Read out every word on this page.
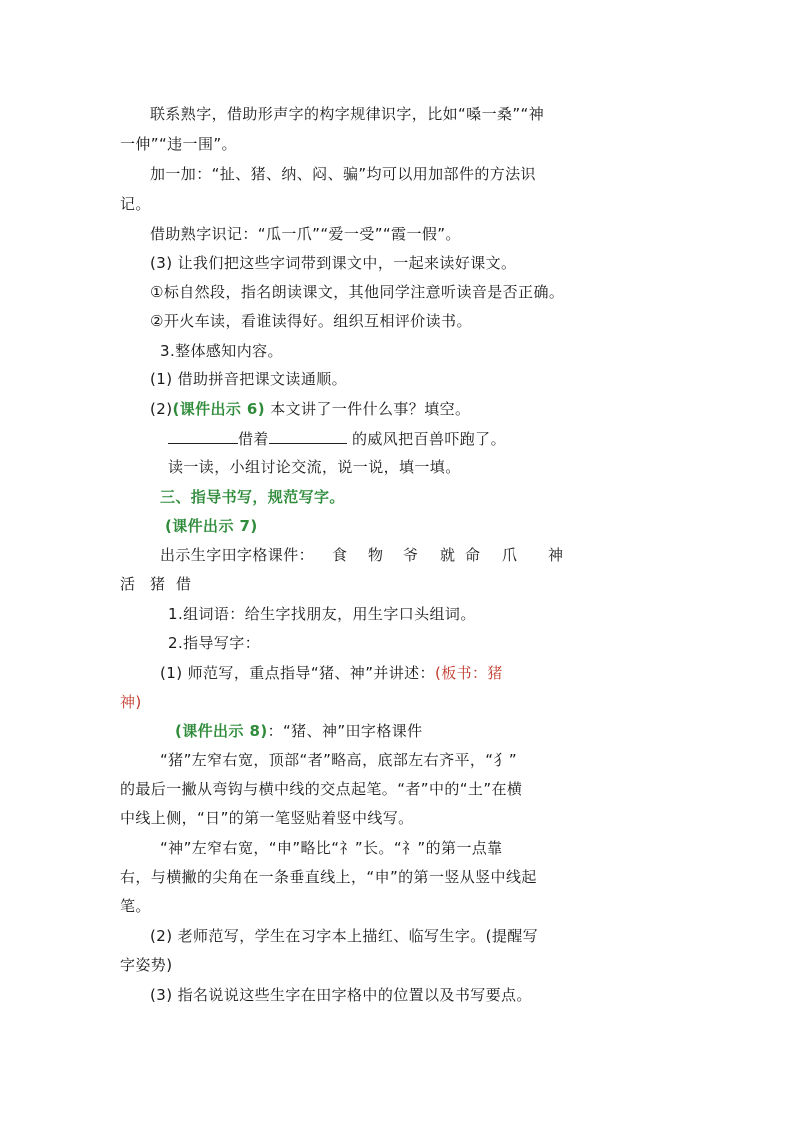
联系熟字，借助形声字的构字规律识字，比如“嗓一桑”“神
一伸”“违一围”。
加一加：“扯、猪、纳、闷、骗”均可以用加部件的方法识
记。
借助熟字识记：“瓜一爪”“爱一受”“霞一假”。
(3) 让我们把这些字词带到课文中，一起来读好课文。
①标自然段，指名朗读课文，其他同学注意听读音是否正确。
②开火车读，看谁读得好。组织互相评价读书。
3.整体感知内容。
(1) 借助拼音把课文读通顺。
(2)(课件出示 6) 本文讲了一件什么事？填空。
借着	的威风把百兽吓跑了。
读一读，小组讨论交流，说一说，填一填。
三、指导书写，规范写字。
(课件出示 7)
出示生字田字格课件： 食 物 爷 就 命 爪 神
活 猪 借
1.组词语：给生字找朋友，用生字口头组词。
2.指导写字：
(1) 师范写，重点指导“猪、神”并讲述：(板书：猪
神)
(课件出示 8)：“猪、神”田字格课件
“猪”左窄右宽，顶部“者”略高，底部左右齐平，“犭”
的最后一撇从弯钩与横中线的交点起笔。“者”中的“土”在横
中线上侧，“日”的第一笔竖贴着竖中线写。
“神”左窄右宽，“申”略比“礻”长。“礻”的第一点靠
右，与横撇的尖角在一条垂直线上，“申”的第一竖从竖中线起
笔。
(2) 老师范写，学生在习字本上描红、临写生字。(提醒写
字姿势)
(3) 指名说说这些生字在田字格中的位置以及书写要点。
